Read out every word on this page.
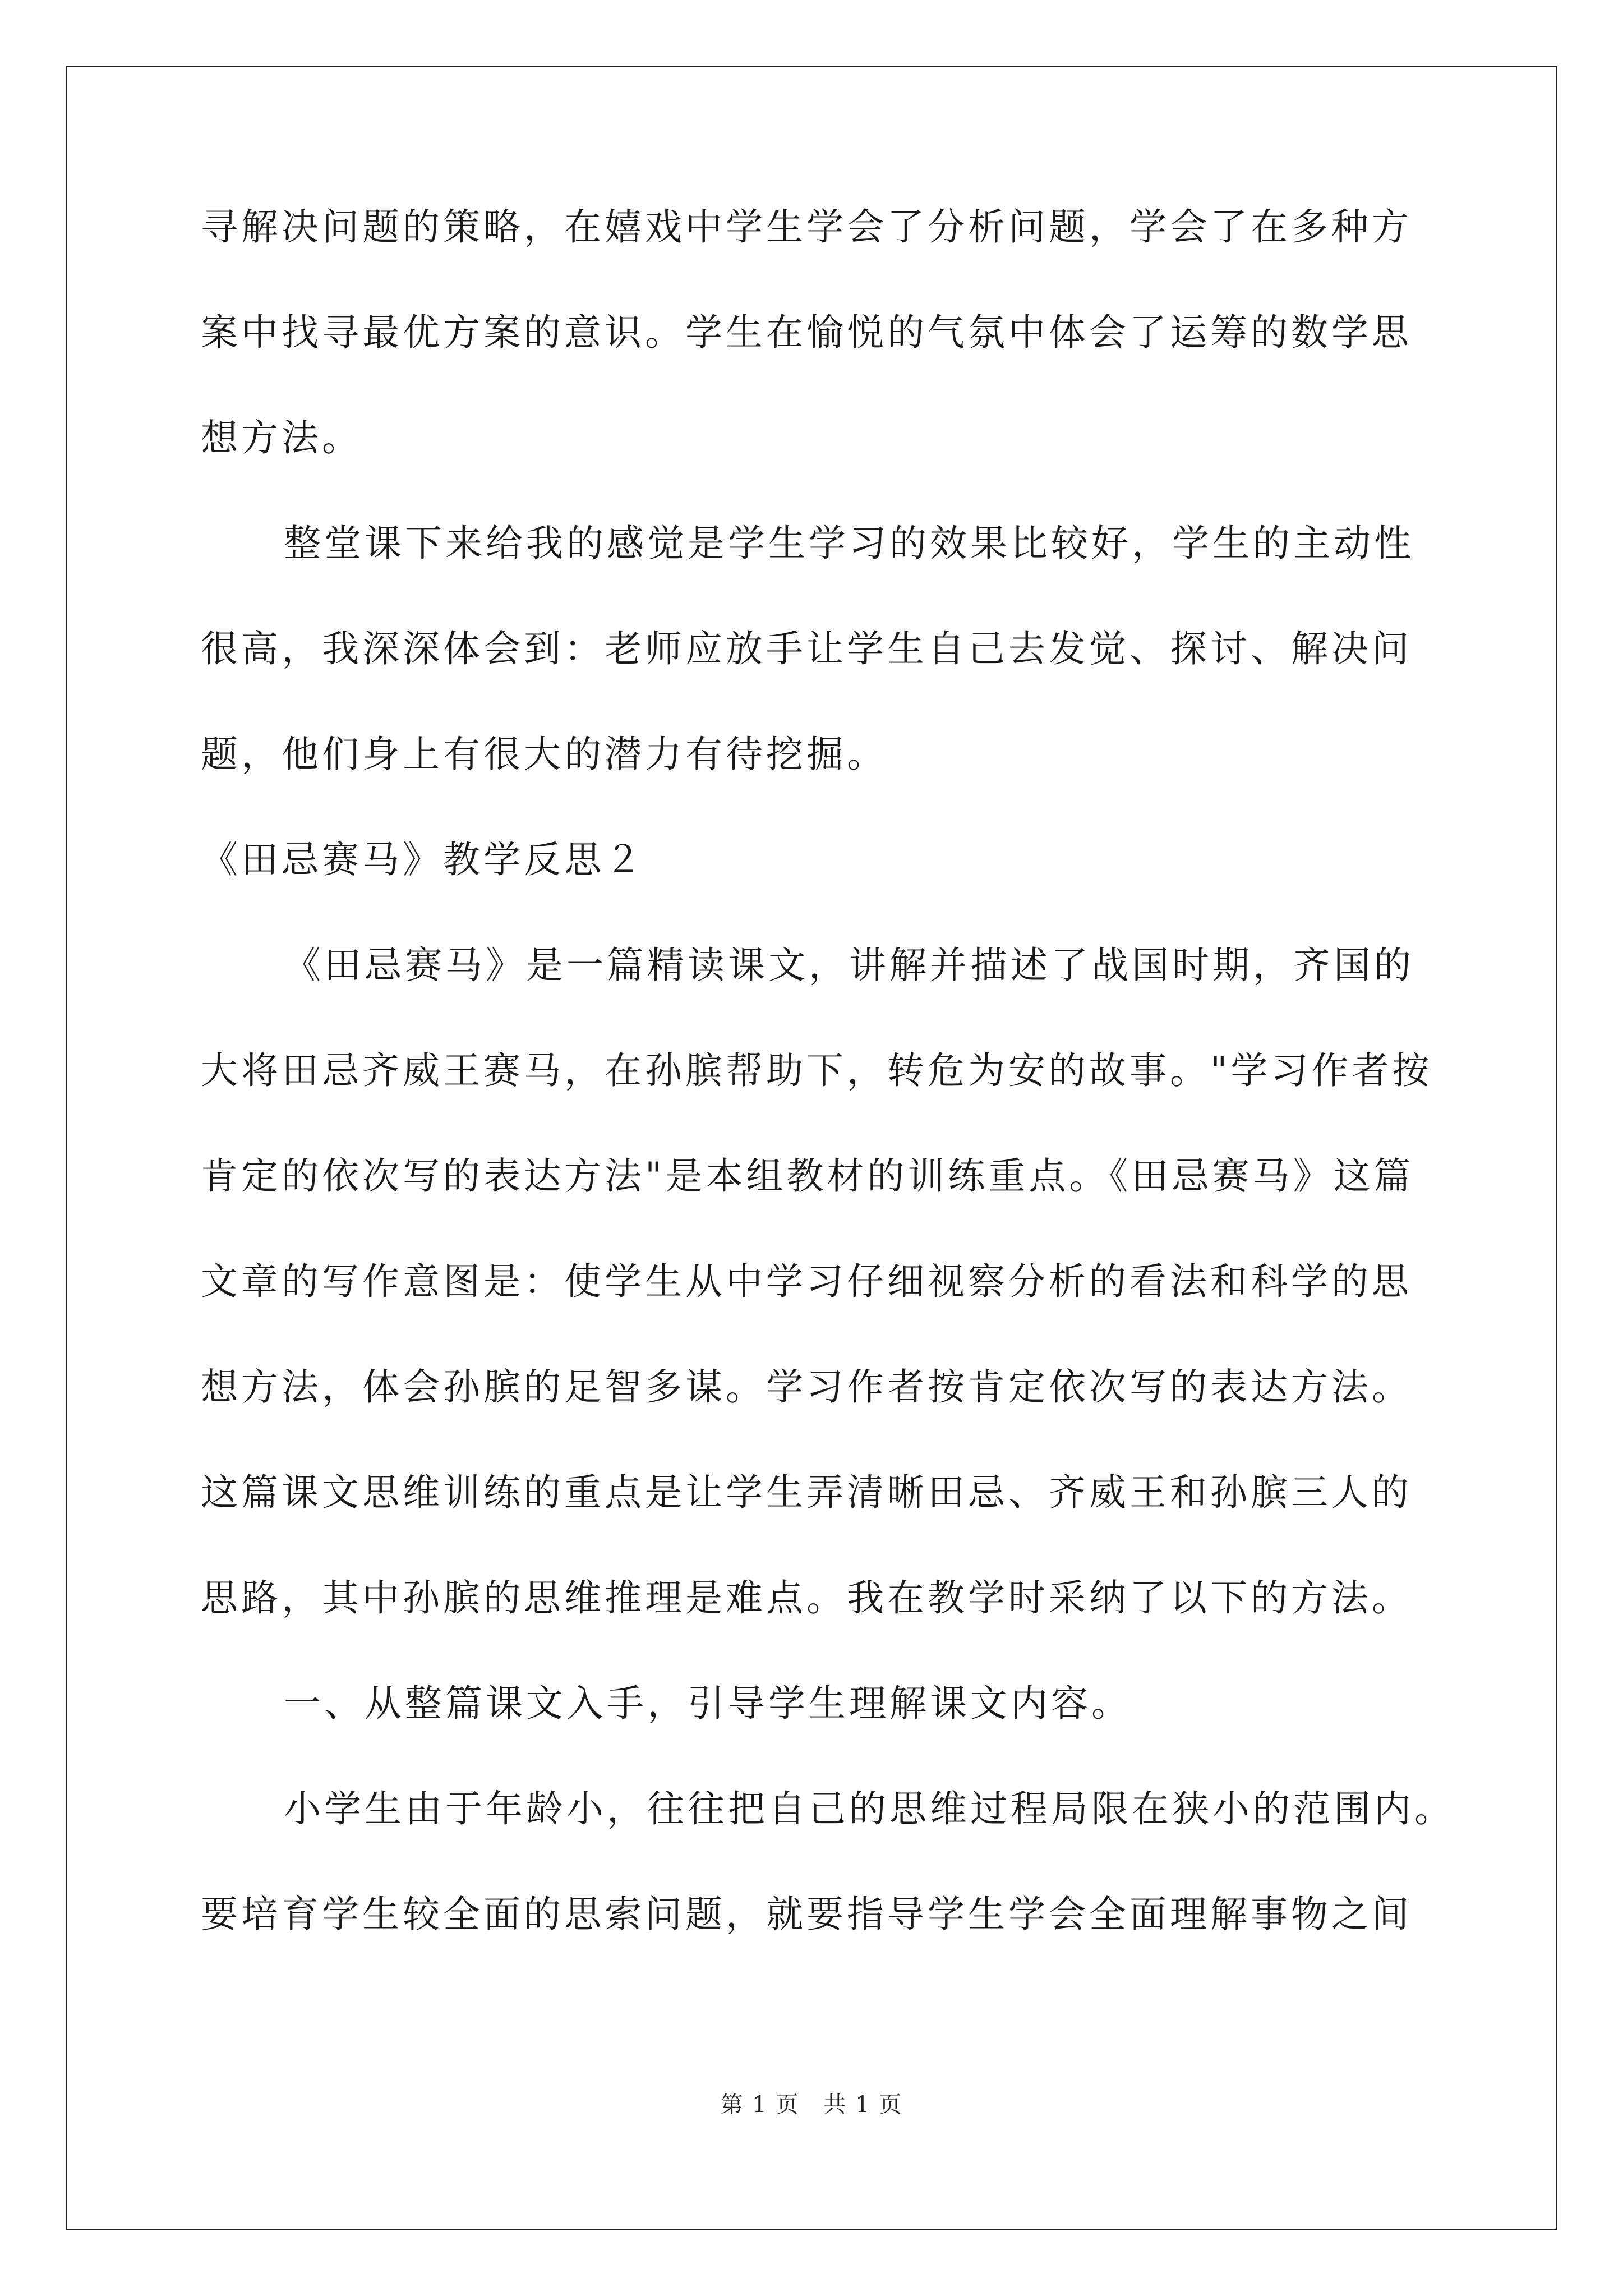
寻解决问题的策略，在嬉戏中学生学会了分析问题，学会了在多种方
案中找寻最优方案的意识。学生在愉悦的气氛中体会了运筹的数学思
想方法。
整堂课下来给我的感觉是学生学习的效果比较好，学生的主动性
很高，我深深体会到：老师应放手让学生自己去发觉、探讨、解决问
题，他们身上有很大的潜力有待挖掘。
《田忌赛马》教学反思２
《田忌赛马》是一篇精读课文，讲解并描述了战国时期，齐国的
大将田忌齐威王赛马，在孙膑帮助下，转危为安的故事。"学习作者按
肯定的依次写的表达方法"是本组教材的训练重点。《田忌赛马》这篇
文章的写作意图是：使学生从中学习仔细视察分析的看法和科学的思
想方法，体会孙膑的足智多谋。学习作者按肯定依次写的表达方法。
这篇课文思维训练的重点是让学生弄清晰田忌、齐威王和孙膑三人的
思路，其中孙膑的思维推理是难点。我在教学时采纳了以下的方法。
一、从整篇课文入手，引导学生理解课文内容。
小学生由于年龄小，往往把自己的思维过程局限在狭小的范围内。
要培育学生较全面的思索问题，就要指导学生学会全面理解事物之间
第 1 页 共 1 页
